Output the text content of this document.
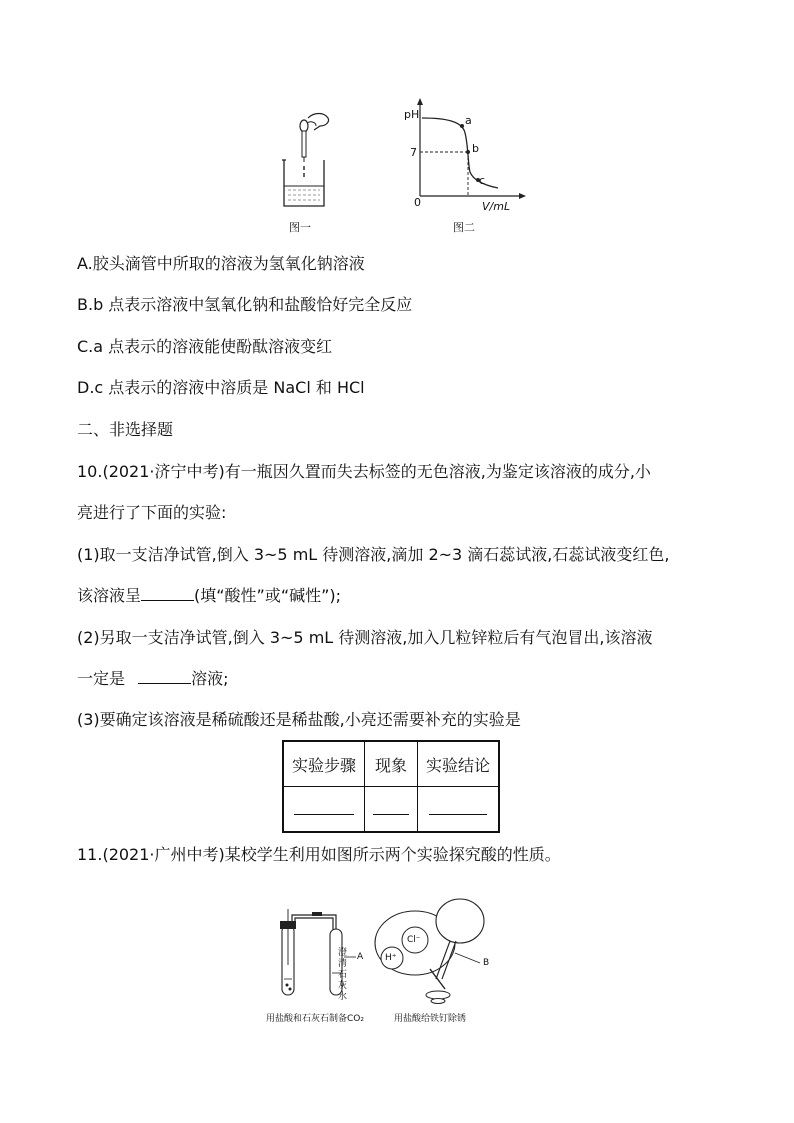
图一
pH
7
0	V/mL
a
b
c
图二
A.胶头滴管中所取的溶液为氢氧化钠溶液
B.b 点表示溶液中氢氧化钠和盐酸恰好完全反应
C.a 点表示的溶液能使酚酞溶液变红
D.c 点表示的溶液中溶质是 NaCl 和 HCl
二、非选择题
10.(2021·济宁中考)有一瓶因久置而失去标签的无色溶液,为鉴定该溶液的成分,小
亮进行了下面的实验:
(1)取一支洁净试管,倒入 3~5 mL 待测溶液,滴加 2~3 滴石蕊试液,石蕊试液变红色,
该溶液呈	(填“酸性”或“碱性”);
(2)另取一支洁净试管,倒入 3~5 mL 待测溶液,加入几粒锌粒后有气泡冒出,该溶液
一定是	溶液;
(3)要确定该溶液是稀硫酸还是稀盐酸,小亮还需要补充的实验是
实验步骤	现象	实验结论

11.(2021·广州中考)某校学生利用如图所示两个实验探究酸的性质。
澄清石灰水
A
Cl⁻
H⁺	B
用盐酸和石灰石制备CO₂	用盐酸给铁钉除锈
